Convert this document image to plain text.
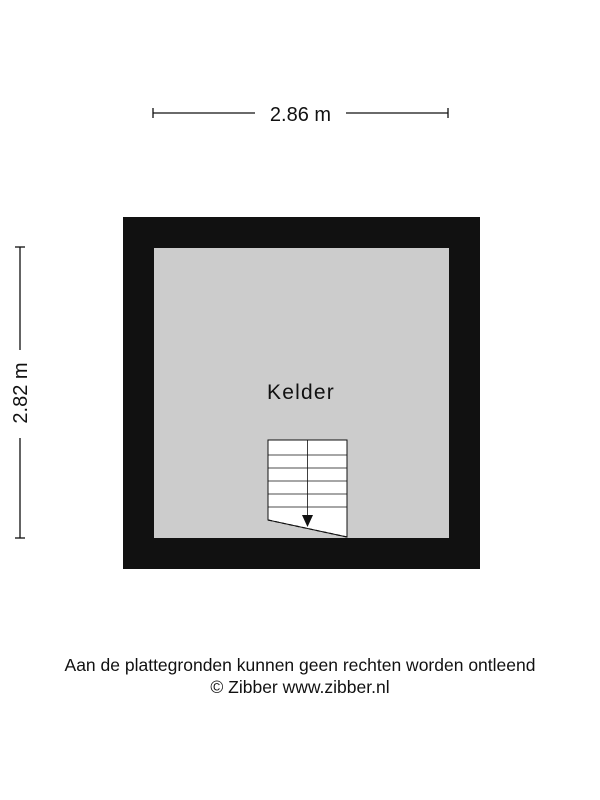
2.86 m
2.82 m	Kelder
Aan de plattegronden kunnen geen rechten worden ontleend
© Zibber www.zibber.nl
